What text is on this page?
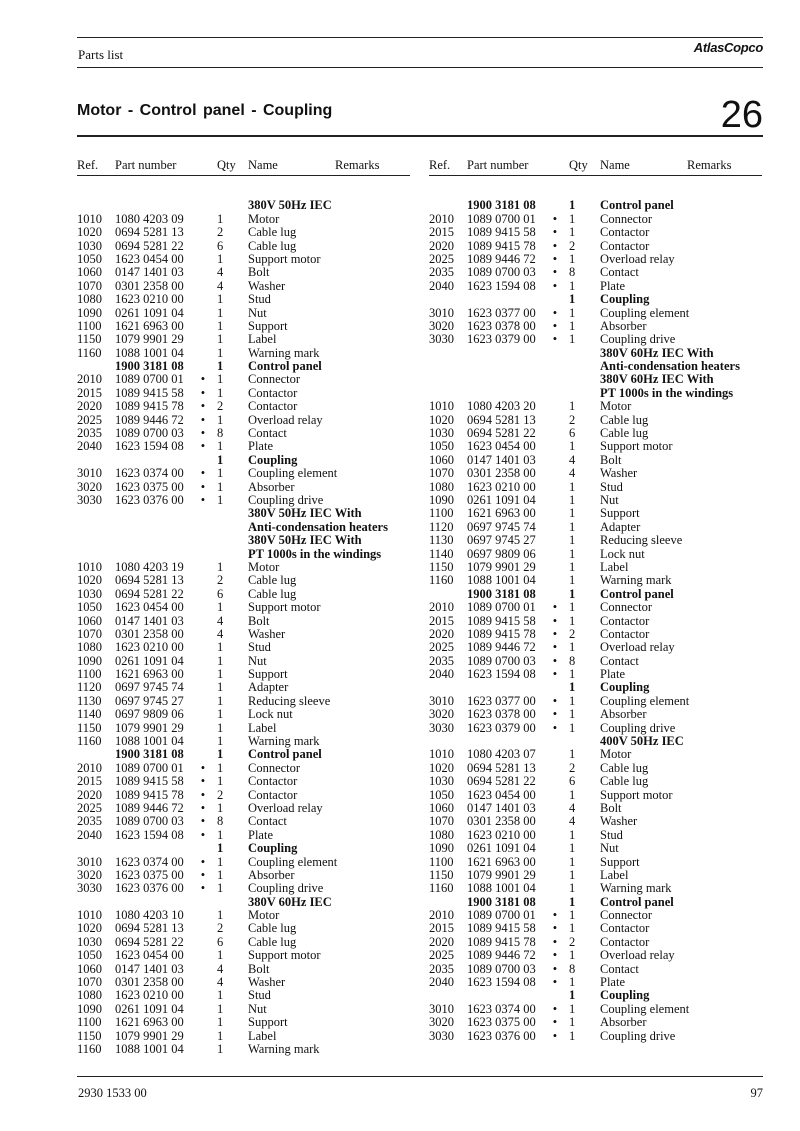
Parts list	AtlasCopco
Motor - Control panel - Coupling	26
Ref. Part number	Qty Name	Remarks
380V 50Hz IEC
1010 1080 4203 09	1 Motor
1020 0694 5281 13	2 Cable lug
1030 0694 5281 22	6 Cable lug
1050 1623 0454 00	1 Support motor
1060 0147 1401 03	4 Bolt
1070 0301 2358 00	4 Washer
1080 1623 0210 00	1 Stud
1090 0261 1091 04	1 Nut
1100 1621 6963 00	1 Support
1150 1079 9901 29	1 Label
1160 1088 1001 04	1 Warning mark
1900 3181 08	1 Control panel
2010 1089 0700 01 • 1 Connector
2015 1089 9415 58 • 1 Contactor
2020 1089 9415 78 • 2 Contactor
2025 1089 9446 72 • 1 Overload relay
2035 1089 0700 03 • 8 Contact
2040 1623 1594 08 • 1 Plate
1 Coupling
3010 1623 0374 00 • 1 Coupling element
3020 1623 0375 00 • 1 Absorber
3030 1623 0376 00 • 1 Coupling drive
380V 50Hz IEC With
Anti-condensation heaters
380V 50Hz IEC With
PT 1000s in the windings
1010 1080 4203 19	1 Motor
1020 0694 5281 13	2 Cable lug
1030 0694 5281 22	6 Cable lug
1050 1623 0454 00	1 Support motor
1060 0147 1401 03	4 Bolt
1070 0301 2358 00	4 Washer
1080 1623 0210 00	1 Stud
1090 0261 1091 04	1 Nut
1100 1621 6963 00	1 Support
1120 0697 9745 74	1 Adapter
1130 0697 9745 27	1 Reducing sleeve
1140 0697 9809 06	1 Lock nut
1150 1079 9901 29	1 Label
1160 1088 1001 04	1 Warning mark
1900 3181 08	1 Control panel
2010 1089 0700 01 • 1 Connector
2015 1089 9415 58 • 1 Contactor
2020 1089 9415 78 • 2 Contactor
2025 1089 9446 72 • 1 Overload relay
2035 1089 0700 03 • 8 Contact
2040 1623 1594 08 • 1 Plate
1 Coupling
3010 1623 0374 00 • 1 Coupling element
3020 1623 0375 00 • 1 Absorber
3030 1623 0376 00 • 1 Coupling drive
380V 60Hz IEC
1010 1080 4203 10	1 Motor
1020 0694 5281 13	2 Cable lug
1030 0694 5281 22	6 Cable lug
1050 1623 0454 00	1 Support motor
1060 0147 1401 03	4 Bolt
1070 0301 2358 00	4 Washer
1080 1623 0210 00	1 Stud
1090 0261 1091 04	1 Nut
1100 1621 6963 00	1 Support
1150 1079 9901 29	1 Label
1160 1088 1001 04	1 Warning mark
Ref. Part number	Qty Name	Remarks
1900 3181 08	1 Control panel
2010 1089 0700 01 • 1 Connector
2015 1089 9415 58 • 1 Contactor
2020 1089 9415 78 • 2 Contactor
2025 1089 9446 72 • 1 Overload relay
2035 1089 0700 03 • 8 Contact
2040 1623 1594 08 • 1 Plate
1 Coupling
3010 1623 0377 00 • 1 Coupling element
3020 1623 0378 00 • 1 Absorber
3030 1623 0379 00 • 1 Coupling drive
380V 60Hz IEC With
Anti-condensation heaters
380V 60Hz IEC With
PT 1000s in the windings
1010 1080 4203 20	1 Motor
1020 0694 5281 13	2 Cable lug
1030 0694 5281 22	6 Cable lug
1050 1623 0454 00	1 Support motor
1060 0147 1401 03	4 Bolt
1070 0301 2358 00	4 Washer
1080 1623 0210 00	1 Stud
1090 0261 1091 04	1 Nut
1100 1621 6963 00	1 Support
1120 0697 9745 74	1 Adapter
1130 0697 9745 27	1 Reducing sleeve
1140 0697 9809 06	1 Lock nut
1150 1079 9901 29	1 Label
1160 1088 1001 04	1 Warning mark
1900 3181 08	1 Control panel
2010 1089 0700 01 • 1 Connector
2015 1089 9415 58 • 1 Contactor
2020 1089 9415 78 • 2 Contactor
2025 1089 9446 72 • 1 Overload relay
2035 1089 0700 03 • 8 Contact
2040 1623 1594 08 • 1 Plate
1 Coupling
3010 1623 0377 00 • 1 Coupling element
3020 1623 0378 00 • 1 Absorber
3030 1623 0379 00 • 1 Coupling drive
400V 50Hz IEC
1010 1080 4203 07	1 Motor
1020 0694 5281 13	2 Cable lug
1030 0694 5281 22	6 Cable lug
1050 1623 0454 00	1 Support motor
1060 0147 1401 03	4 Bolt
1070 0301 2358 00	4 Washer
1080 1623 0210 00	1 Stud
1090 0261 1091 04	1 Nut
1100 1621 6963 00	1 Support
1150 1079 9901 29	1 Label
1160 1088 1001 04	1 Warning mark
1900 3181 08	1 Control panel
2010 1089 0700 01 • 1 Connector
2015 1089 9415 58 • 1 Contactor
2020 1089 9415 78 • 2 Contactor
2025 1089 9446 72 • 1 Overload relay
2035 1089 0700 03 • 8 Contact
2040 1623 1594 08 • 1 Plate
1 Coupling
3010 1623 0374 00 • 1 Coupling element
3020 1623 0375 00 • 1 Absorber
3030 1623 0376 00 • 1 Coupling drive
2930 1533 00	97
